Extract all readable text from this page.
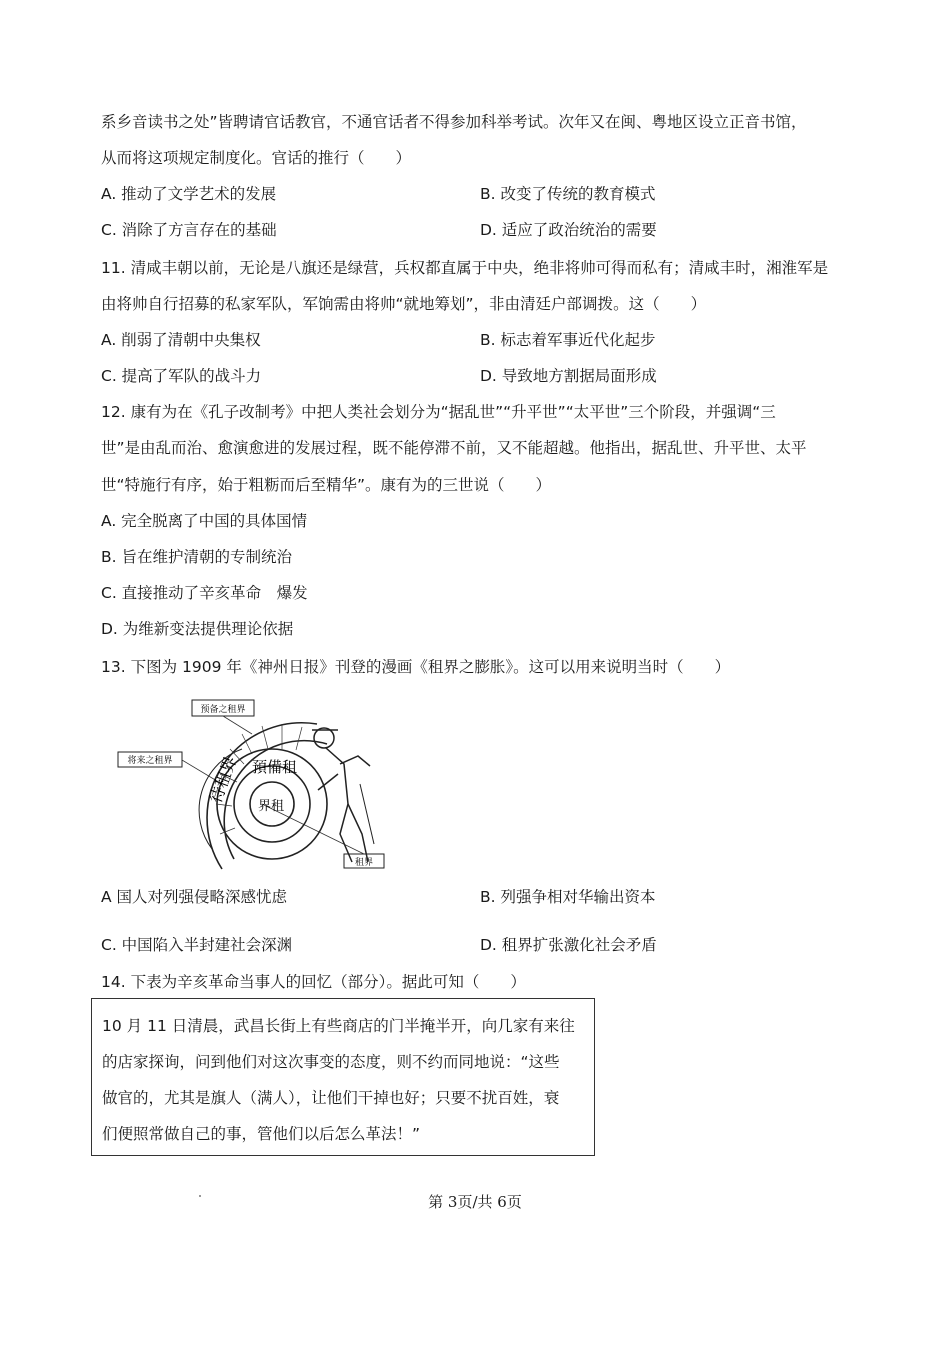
系乡音读书之处”皆聘请官话教官，不通官话者不得参加科举考试。次年又在闽、粤地区设立正音书馆，
从而将这项规定制度化。官话的推行（　　）
A. 推动了文学艺术的发展	B. 改变了传统的教育模式
C. 消除了方言存在的基础	D. 适应了政治统治的需要
11. 清咸丰朝以前，无论是八旗还是绿营，兵权都直属于中央，绝非将帅可得而私有；清咸丰时，湘淮军是
由将帅自行招募的私家军队，军饷需由将帅“就地筹划”，非由清廷户部调拨。这（　　）
A. 削弱了清朝中央集权	B. 标志着军事近代化起步
C. 提高了军队的战斗力	D. 导致地方割据局面形成
12. 康有为在《孔子改制考》中把人类社会划分为“据乱世”“升平世”“太平世”三个阶段，并强调“三
世”是由乱而治、愈演愈进的发展过程，既不能停滞不前，又不能超越。他指出，据乱世、升平世、太平
世“特施行有序，始于粗粝而后至精华”。康有为的三世说（　　）
A. 完全脱离了中国的具体国情
B. 旨在维护清朝的专制统治
C. 直接推动了辛亥革命　爆发
D. 为维新变法提供理论依据
13. 下图为 1909 年《神州日报》刊登的漫画《租界之膨胀》。这可以用来说明当时（　　）
预备之租界
将来之租界
租界
待租界 預備租
界租
A 国人对列强侵略深感忧虑	B. 列强争相对华输出资本
C. 中国陷入半封建社会深渊	D. 租界扩张激化社会矛盾
14. 下表为辛亥革命当事人的回忆（部分）。据此可知（　　）
10 月 11 日清晨，武昌长街上有些商店的门半掩半开，向几家有来往
的店家探询，问到他们对这次事变的态度，则不约而同地说：“这些
做官的，尤其是旗人（满人），让他们干掉也好；只要不扰百姓，衰
们便照常做自己的事，管他们以后怎么革法！”
第 3页/共 6页
